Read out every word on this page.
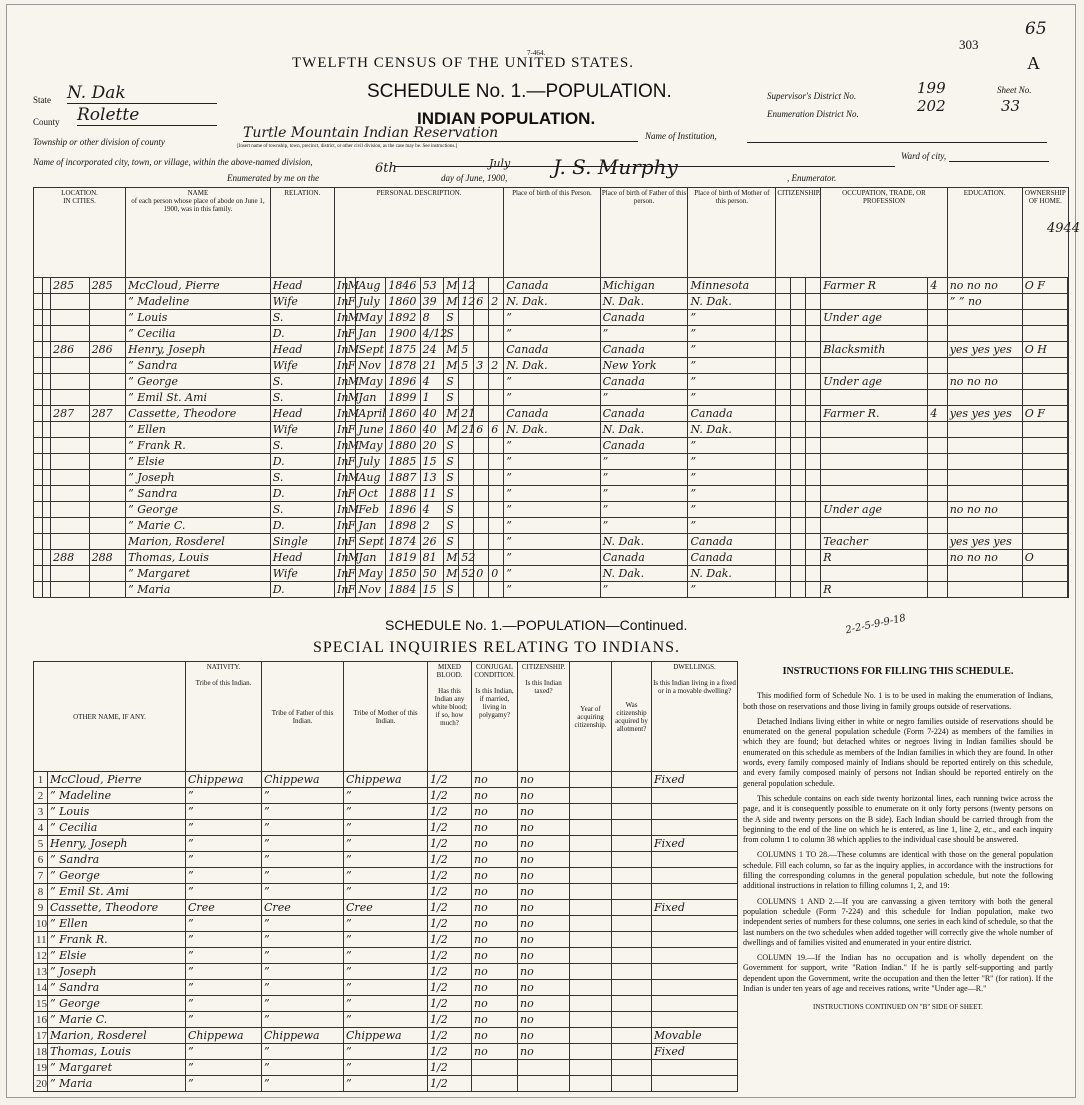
7-464.
TWELFTH CENSUS OF THE UNITED STATES.
SCHEDULE No. 1.—POPULATION.
INDIAN POPULATION.
303
65
A
4944
State N. Dak
County Rolette
Township or other division of county
Turtle Mountain Indian Reservation
[Insert name of township, town, precinct, district, or other civil division, as the case may be. See instructions.]
Name of Institution,
Name of incorporated city, town, or village, within the above-named division,
Ward of city,
Enumerated by me on the
6th	July
day of June, 1900, J. S. Murphy	, Enumerator.
Supervisor's District No.	199
Enumeration District No.	202
Sheet No.
33
LOCATION.
IN CITIES.				NAME
of each person whose place of abode on June 1, 1900, was in this family.	RELATION.	PERSONAL DESCRIPTION.									Place of birth of this Person.	Place of birth of Father of this person.	Place of birth of Mother of this person.	CITIZENSHIP.			OCCUPATION, TRADE, OR PROFESSION		EDUCATION.	OWNERSHIP OF HOME.	
		285	285	McCloud, Pierre	Head	In	M	Aug	1846	53	M	12			Canada	Michigan	Minnesota				Farmer R	4	no no no	O F	
				” Madeline	Wife	In	F	July	1860	39	M	12	6	2	N. Dak.	N. Dak.	N. Dak.						” ” no		
				” Louis	S.	In	M	May	1892	8	S				”	Canada	”				Under age				
				” Cecilia	D.	In	F	Jan	1900	4/12	S				”	”	”								
		286	286	Henry, Joseph	Head	In	M	Sept	1875	24	M	5			Canada	Canada	”				Blacksmith		yes yes yes	O H	
				” Sandra	Wife	In	F	Nov	1878	21	M	5	3	2	N. Dak.	New York	”								
				” George	S.	In	M	May	1896	4	S				”	Canada	”				Under age		no no no		
				” Emil St. Ami	S.	In	M	Jan	1899	1	S				”	”	”								
		287	287	Cassette, Theodore	Head	In	M	April	1860	40	M	21			Canada	Canada	Canada				Farmer R.	4	yes yes yes	O F	
				” Ellen	Wife	In	F	June	1860	40	M	21	6	6	N. Dak.	N. Dak.	N. Dak.								
				” Frank R.	S.	In	M	May	1880	20	S				”	Canada	”								
				” Elsie	D.	In	F	July	1885	15	S				”	”	”								
				” Joseph	S.	In	M	Aug	1887	13	S				”	”	”								
				” Sandra	D.	In	F	Oct	1888	11	S				”	”	”								
				” George	S.	In	M	Feb	1896	4	S				”	”	”				Under age		no no no		
				” Marie C.	D.	In	F	Jan	1898	2	S				”	”	”								
				Marion, Rosderel	Single	In	F	Sept	1874	26	S				”	N. Dak.	Canada				Teacher		yes yes yes		
		288	288	Thomas, Louis	Head	In	M	Jan	1819	81	M	52			”	Canada	Canada				R		no no no	O	
				” Margaret	Wife	In	F	May	1850	50	M	52	0	0	”	N. Dak.	N. Dak.								
				” Maria	D.	In	F	Nov	1884	15	S				”	”	”				R				
SCHEDULE No. 1.—POPULATION—Continued.
SPECIAL INQUIRIES RELATING TO INDIANS.
2-2-5-9-9-18
OTHER NAME, IF ANY.		NATIVITY.

Tribe of this Indian.	Tribe of Father of this Indian.	Tribe of Mother of this Indian.	MIXED BLOOD.

Has this Indian any white blood; if so, how much?	CONJUGAL CONDITION.

Is this Indian, if married, living in polygamy?	CITIZENSHIP.

Is this Indian taxed?	Year of acquiring citizenship.	Was citizenship acquired by allotment?	DWELLINGS.

Is this Indian living in a fixed or in a movable dwelling?
1	McCloud, Pierre	Chippewa	Chippewa	Chippewa	1/2	no	no			Fixed
2	” Madeline	”	”	”	1/2	no	no			
3	” Louis	”	”	”	1/2	no	no			
4	” Cecilia	”	”	”	1/2	no	no			
5	Henry, Joseph	”	”	”	1/2	no	no			Fixed
6	” Sandra	”	”	”	1/2	no	no			
7	” George	”	”	”	1/2	no	no			
8	” Emil St. Ami	”	”	”	1/2	no	no			
9	Cassette, Theodore	Cree	Cree	Cree	1/2	no	no			Fixed
10	” Ellen	”	”	”	1/2	no	no			
11	” Frank R.	”	”	”	1/2	no	no			
12	” Elsie	”	”	”	1/2	no	no			
13	” Joseph	”	”	”	1/2	no	no			
14	” Sandra	”	”	”	1/2	no	no			
15	” George	”	”	”	1/2	no	no			
16	” Marie C.	”	”	”	1/2	no	no			
17	Marion, Rosderel	Chippewa	Chippewa	Chippewa	1/2	no	no			Movable
18	Thomas, Louis	”	”	”	1/2	no	no			Fixed
19	” Margaret	”	”	”	1/2					
20	” Maria	”	”	”	1/2					
INSTRUCTIONS FOR FILLING THIS SCHEDULE.

This modified form of Schedule No. 1 is to be used in making the enumeration of Indians, both those on reservations and those living in family groups outside of reservations.

Detached Indians living either in white or negro families outside of reservations should be enumerated on the general population schedule (Form 7-224) as members of the families in which they are found; but detached whites or negroes living in Indian families should be enumerated on this schedule as members of the Indian families in which they are found. In other words, every family composed mainly of Indians should be reported entirely on this schedule, and every family composed mainly of persons not Indian should be reported entirely on the general population schedule.

This schedule contains on each side twenty horizontal lines, each running twice across the page, and it is consequently possible to enumerate on it only forty persons (twenty persons on the A side and twenty persons on the B side). Each Indian should be carried through from the beginning to the end of the line on which he is entered, as line 1, line 2, etc., and each inquiry from column 1 to column 38 which applies to the individual case should be answered.

COLUMNS 1 TO 28.—These columns are identical with those on the general population schedule. Fill each column, so far as the inquiry applies, in accordance with the instructions for filling the corresponding columns in the general population schedule, but note the following additional instructions in relation to filling columns 1, 2, and 19:

COLUMNS 1 AND 2.—If you are canvassing a given territory with both the general population schedule (Form 7-224) and this schedule for Indian population, make two independent series of numbers for these columns, one series in each kind of schedule, so that the last numbers on the two schedules when added together will correctly give the whole number of dwellings and of families visited and enumerated in your entire district.

COLUMN 19.—If the Indian has no occupation and is wholly dependent on the Government for support, write "Ration Indian." If he is partly self-supporting and partly dependent upon the Government, write the occupation and then the letter "R" (for ration). If the Indian is under ten years of age and receives rations, write "Under age—R."

INSTRUCTIONS CONTINUED ON "B" SIDE OF SHEET.
